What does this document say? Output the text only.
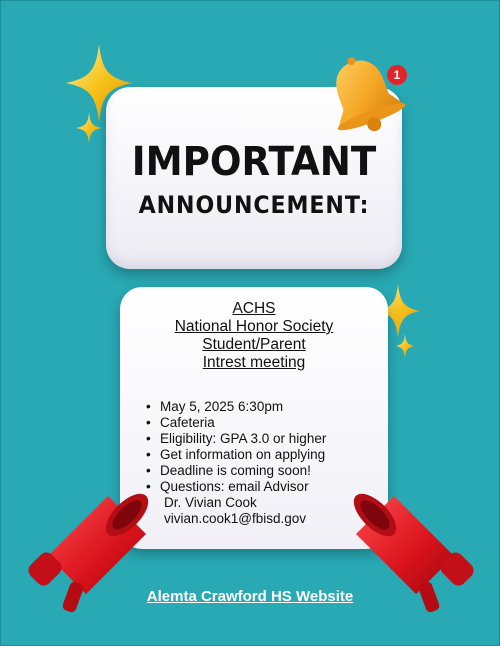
IMPORTANT
ANNOUNCEMENT:
1
ACHS
National Honor Society
Student/Parent
Intrest meeting
• May 5, 2025 6:30pm
• Cafeteria
• Eligibility: GPA 3.0 or higher
• Get information on applying
• Deadline is coming soon!
• Questions: email Advisor
Dr. Vivian Cook
vivian.cook1@fbisd.gov
Alemta Crawford HS Website
